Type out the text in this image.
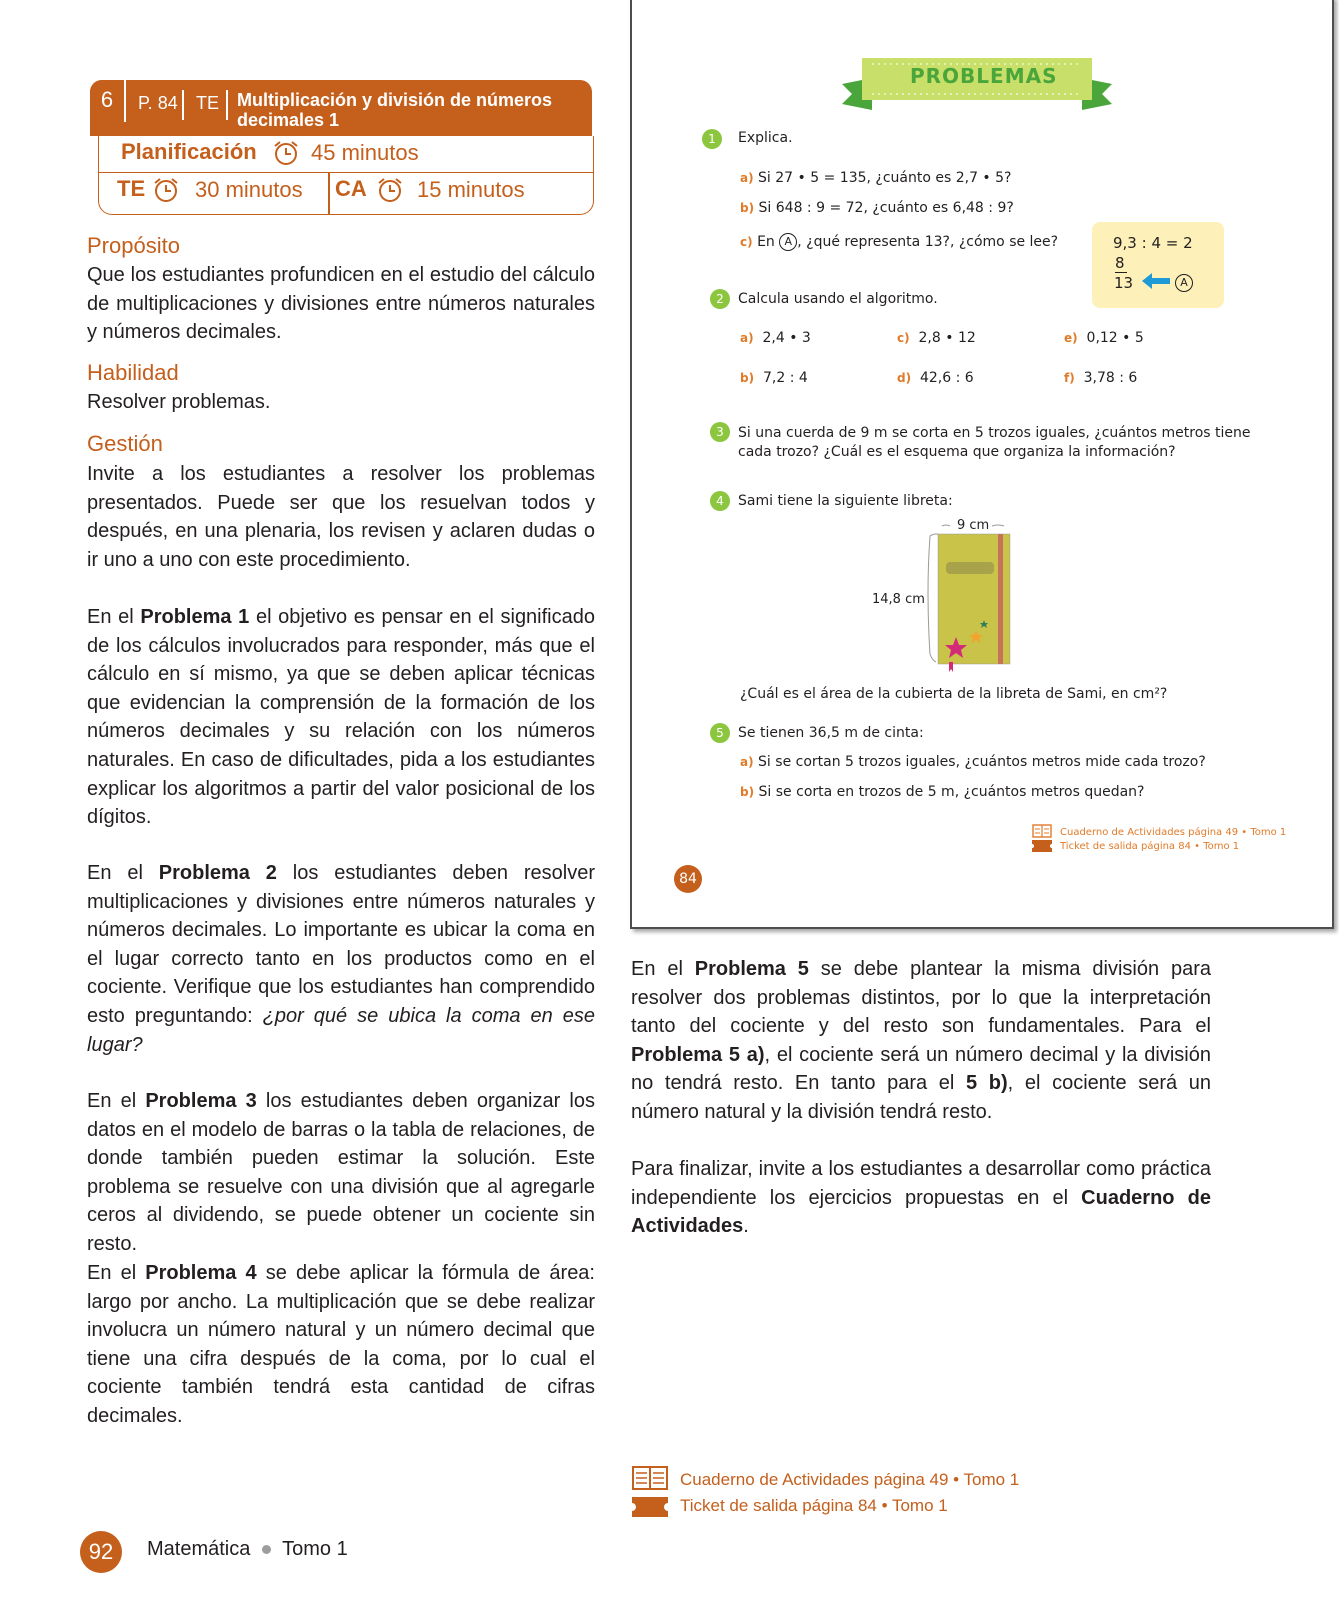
6	P. 84 TE Multiplicación y división de números decimales 1
Planificación 45 minutos
TE 30 minutos CA 15 minutos
Propósito
Que los estudiantes profundicen en el estudio del cálculo de multiplicaciones y divisiones entre números naturales y números decimales.
Habilidad
Resolver problemas.
Gestión
Invite a los estudiantes a resolver los problemas presentados. Puede ser que los resuelvan todos y después, en una plenaria, los revisen y aclaren dudas o ir uno a uno con este procedimiento.
En el Problema 1 el objetivo es pensar en el significado de los cálculos involucrados para responder, más que el cálculo en sí mismo, ya que se deben aplicar técnicas que evidencian la comprensión de la formación de los números decimales y su relación con los números naturales. En caso de dificultades, pida a los estudiantes explicar los algoritmos a partir del valor posicional de los dígitos.
En el Problema 2 los estudiantes deben resolver multiplicaciones y divisiones entre números naturales y números decimales. Lo importante es ubicar la coma en el lugar correcto tanto en los productos como en el cociente. Verifique que los estudiantes han comprendido esto preguntando: ¿por qué se ubica la coma en ese lugar?
En el Problema 3 los estudiantes deben organizar los datos en el modelo de barras o la tabla de relaciones, de donde también pueden estimar la solución. Este problema se resuelve con una división que al agregarle ceros al dividendo, se puede obtener un cociente sin resto.
En el Problema 4 se debe aplicar la fórmula de área: largo por ancho. La multiplicación que se debe realizar involucra un número natural y un número decimal que tiene una cifra después de la coma, por lo cual el cociente también tendrá esta cantidad de cifras decimales.
PROBLEMAS
1	Explica.
a) Si 27 • 5 = 135, ¿cuánto es 2,7 • 5?
b) Si 648 : 9 = 72, ¿cuánto es 6,48 : 9?
c) En A , ¿qué representa 13?, ¿cómo se lee?	9,3 : 4 = 2
8
13	A
2	Calcula usando el algoritmo.
a) 2,4 • 3	c) 2,8 • 12	e) 0,12 • 5
b) 7,2 : 4	d) 42,6 : 6	f) 3,78 : 6
3	Si una cuerda de 9 m se corta en 5 trozos iguales, ¿cuántos metros tiene cada trozo? ¿Cuál es el esquema que organiza la información?
4	Sami tiene la siguiente libreta:
9 cm
14,8 cm
¿Cuál es el área de la cubierta de la libreta de Sami, en cm²?
5	Se tienen 36,5 m de cinta:
a) Si se cortan 5 trozos iguales, ¿cuántos metros mide cada trozo?
b) Si se corta en trozos de 5 m, ¿cuántos metros quedan?
Cuaderno de Actividades página 49 • Tomo 1
Ticket de salida página 84 • Tomo 1
84
En el Problema 5 se debe plantear la misma división para resolver dos problemas distintos, por lo que la interpretación tanto del cociente y del resto son fundamentales. Para el Problema 5 a), el cociente será un número decimal y la división no tendrá resto. En tanto para el 5 b), el cociente será un número natural y la división tendrá resto.
Para finalizar, invite a los estudiantes a desarrollar como práctica independiente los ejercicios propuestas en el Cuaderno de Actividades.
Cuaderno de Actividades página 49 • Tomo 1
Ticket de salida página 84 • Tomo 1
92	Matemática Tomo 1
